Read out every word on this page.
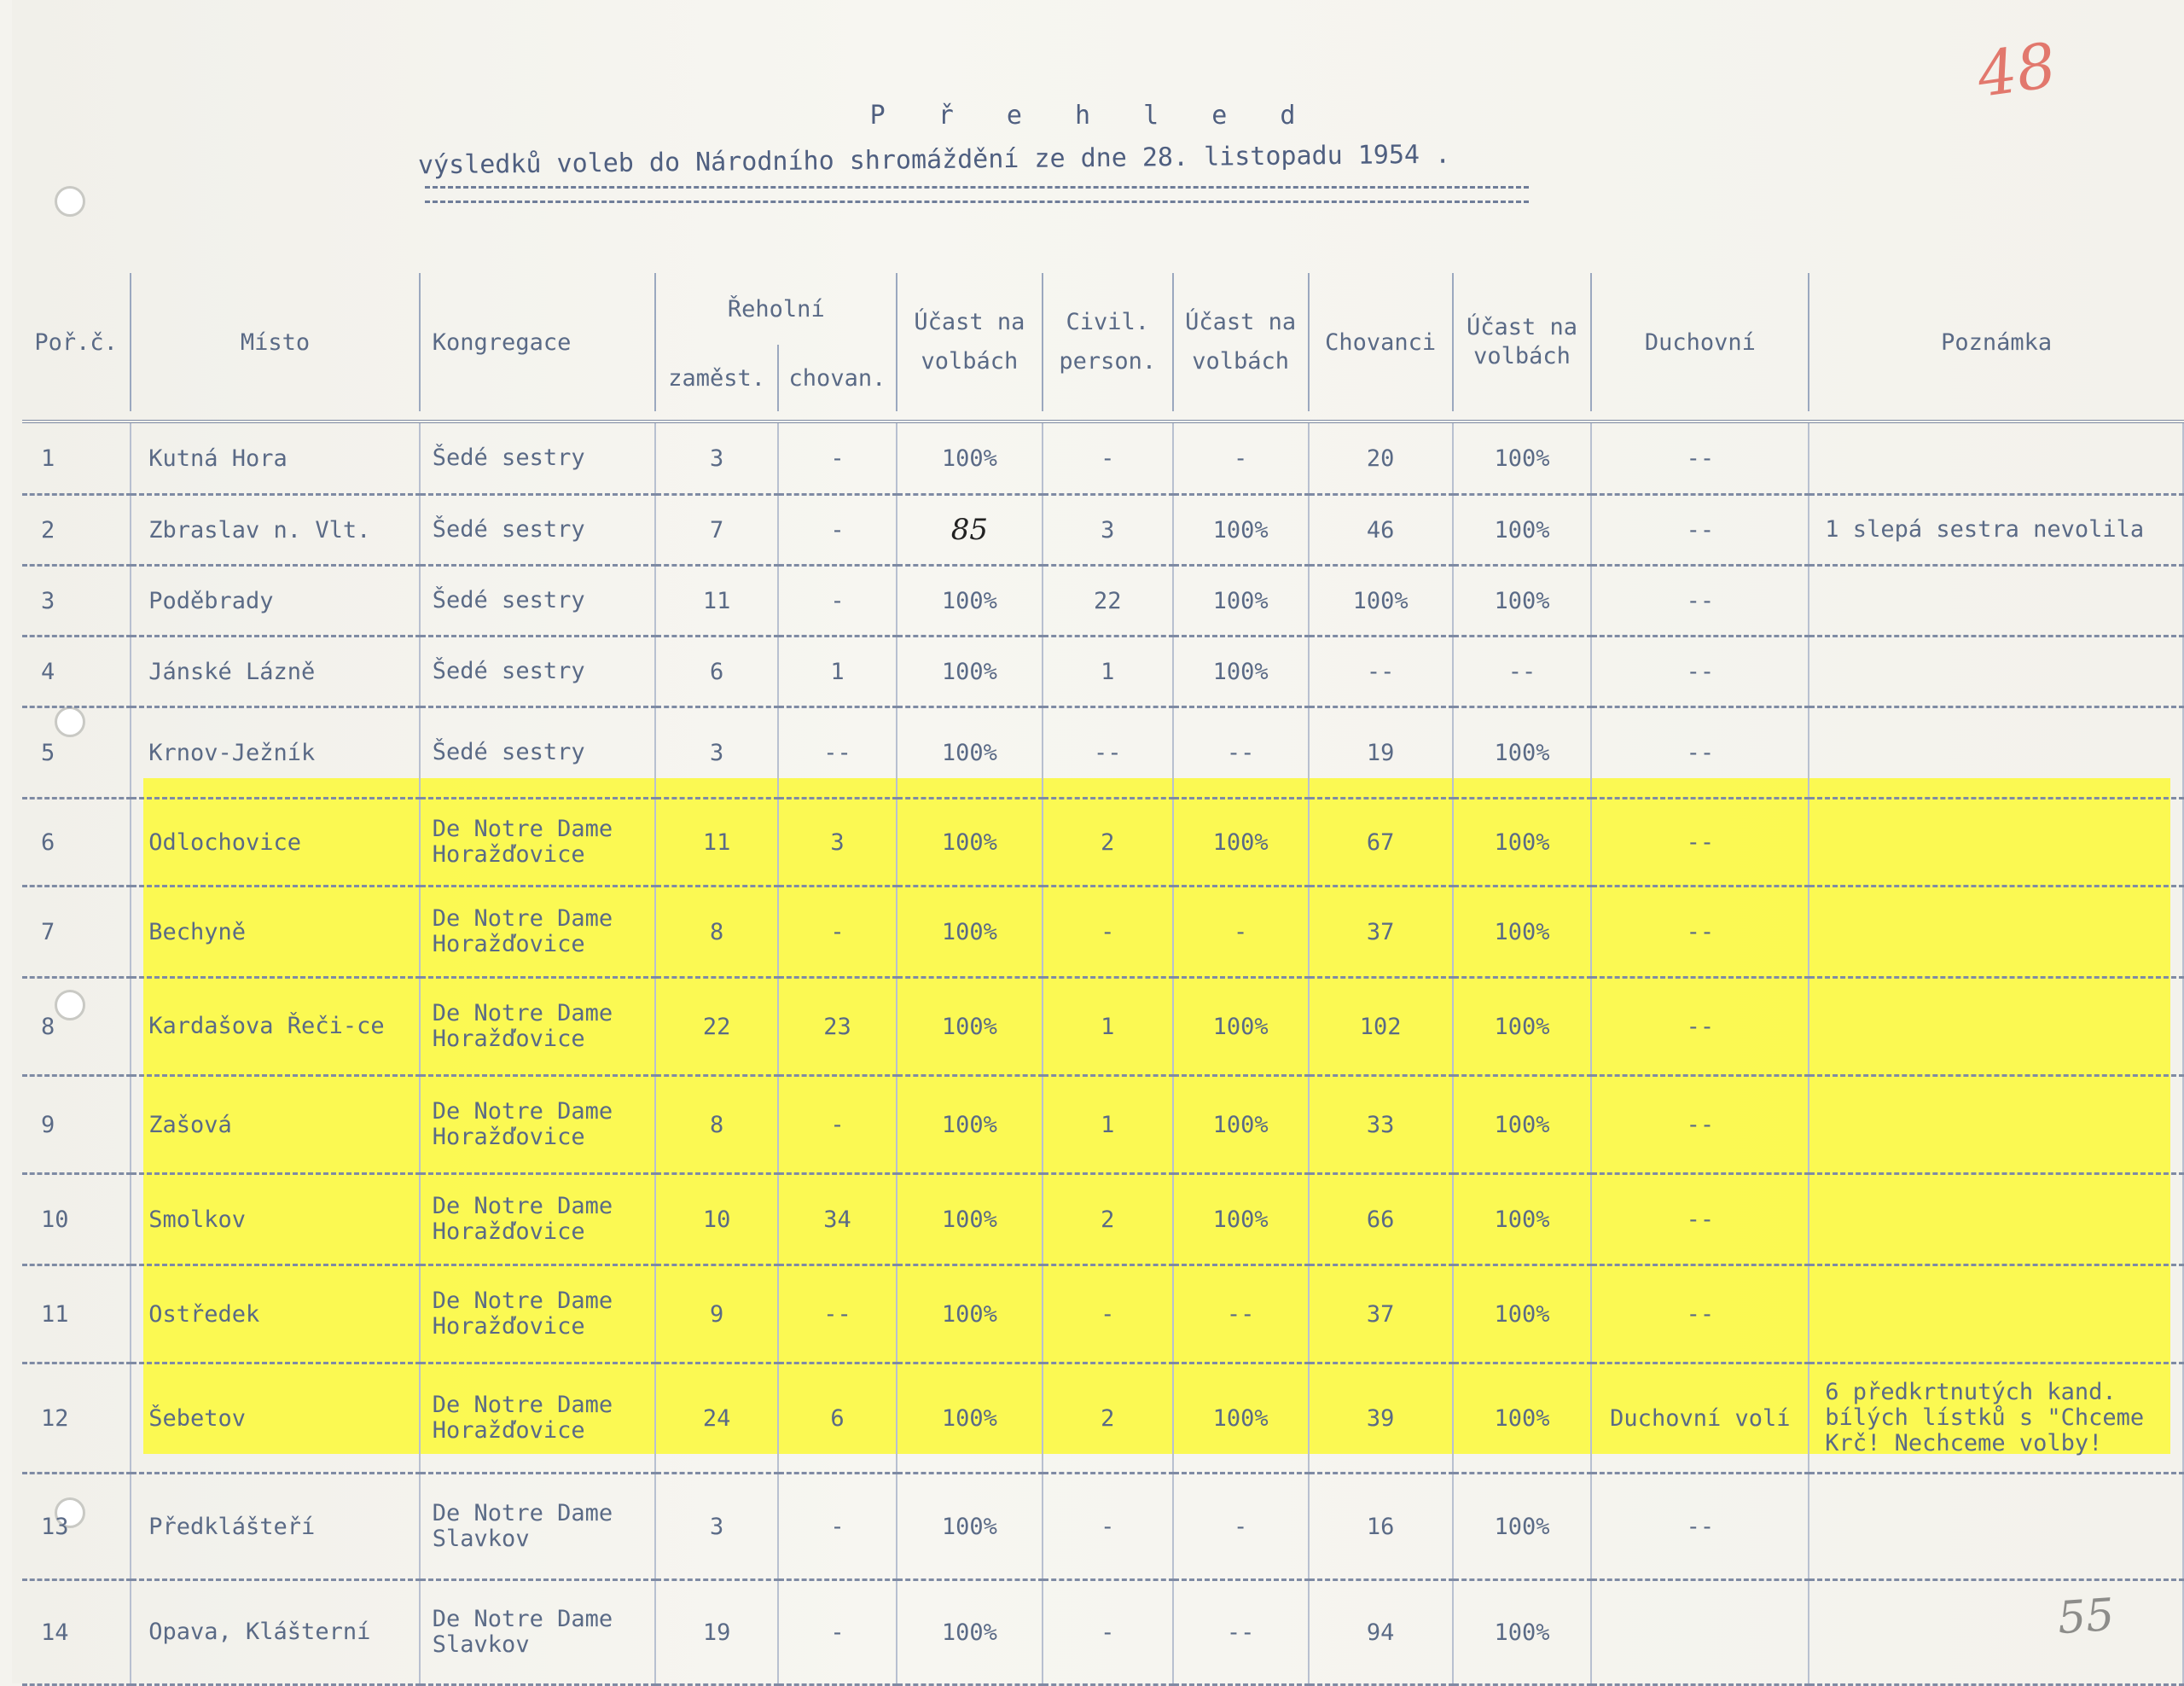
48
55
P ř e h l e d
výsledků voleb do Národního shromáždění ze dne 28. listopadu 1954 .
Poř.č.	Místo	Kongregace	Řeholní		Účast na volbách	Civil. person.	Účast na volbách	Chovanci	Účast na volbách	Duchovní	Poznámka
			zaměst.	chovan.							

1	Kutná Hora	Šedé sestry	3	-	100%	-	-	20	100%	--	
2	Zbraslav n. Vlt.	Šedé sestry	7	-	85	3	100%	46	100%	--	1 slepá sestra nevolila
3	Poděbrady	Šedé sestry	11	-	100%	22	100%	100%	100%	--	
4	Jánské Lázně	Šedé sestry	6	1	100%	1	100%	--	--	--	
5	Krnov-Ježník	Šedé sestry	3	--	100%	--	--	19	100%	--	
6	Odlochovice	De Notre Dame
Horažďovice	11	3	100%	2	100%	67	100%	--	
7	Bechyně	De Notre Dame
Horažďovice	8	-	100%	-	-	37	100%	--	
8	Kardašova Řeči-ce	De Notre Dame
Horažďovice	22	23	100%	1	100%	102	100%	--	
9	Zašová	De Notre Dame
Horažďovice	8	-	100%	1	100%	33	100%	--	
10	Smolkov	De Notre Dame
Horažďovice	10	34	100%	2	100%	66	100%	--	
11	Ostředek	De Notre Dame
Horažďovice	9	--	100%	-	--	37	100%	--	
12	Šebetov	De Notre Dame
Horažďovice	24	6	100%	2	100%	39	100%	Duchovní volí	6 předkrtnutých kand. bílých lístků s "Chceme Krč! Nechceme volby!
13	Předklášteří	De Notre Dame
Slavkov	3	-	100%	-	-	16	100%	--	
14	Opava, Klášterní	De Notre Dame
Slavkov	19	-	100%	-	--	94	100%		
